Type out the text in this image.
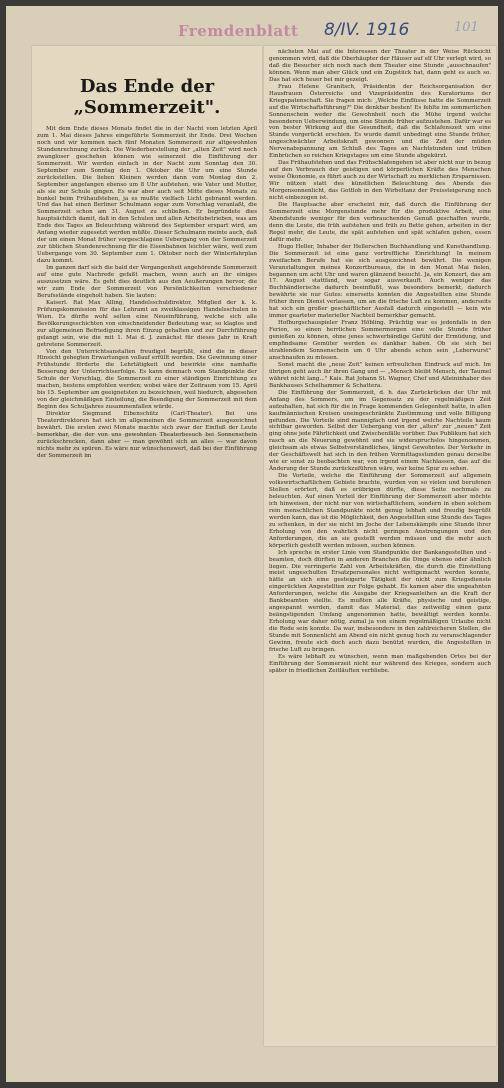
Fremdenblatt 8/IV. 1916	101
Das Ende der „Sommerzeit".

Mit dem Ende dieses Monats findet die in der Nacht vom letzten April zum 1. Mai dieses Jahres eingeführte Sommerzeit ihr Ende. Drei Wochen noch und wir kommen nach fünf Monaten Sommerzeit zur altgewohnten Stundenrechnung zurück. Die Wiederherstellung der „alten Zeit" wird noch zwangloser geschehen können wie seinerzeit die Einführung der Sommerzeit. Wir werden einfach in der Nacht zum Sonntag den 30. September zum Sonntag den 1. Oktober die Uhr um eine Stunde zurückstellen. Die lieben Kleinen werden dann vom Montag den 2. September angefangen ebenso um 8 Uhr aufstehen, wie Vater und Mutter, als sie zur Schule gingen. Es war aber auch seit Mitte dieses Monats zu bunkel beim Frühaufstehen, ja es mußte vielfach Licht gebrannt werden. Und das hat einen Berliner Schulmann sogar zum Vorschlag veranlaßt, die Sommerzeit schon am 31. August zu schließen. Er begründete dies hauptsächlich damit, daß in den Schulen und allen Arbeitsbetrieben, was am Ende des Tages an Beleuchtung während des September erspart wird, am Anfang wieder zugesetzt werden müßte. Dieser Schulmann meinte auch, daß der um einen Monat früher vorgeschlagene Uebergang von der Sommerzeit zur üblichen Stundenrechnung für die Eisenbahnen leichter wäre, weil zum Uebergange vom 30. September zum 1. Oktober noch der Winterfahrplan dazu kommt.

Im ganzen darf sich die bald der Vergangenheit angehörende Sommerzeit auf eine gute Nachrede gefaßt machen, wenn auch an ihr einiges auszusetzen wäre. Es geht dies deutlich aus den Aeußerungen hervor, die wir zum Ende der Sommerzeit von Persönlichkeiten verschiedener Berufsstände eingeholt haben. Sie lauten:

Kaiserl. Rat Max Alling, Handelsschuldirektor, Mitglied der k. k. Prüfungskommission für das Lehramt an zweiklassigen Handelsschulen in Wien. Es dürfte wohl selten eine Neueinführung, welche sich alle Bevölkerungsschichten von einschneidender Bedeutung war, so klaglos und zur allgemeinen Befriedigung ihren Einzug gehalten und zur Durchführung gelangt sein, wie die mit 1. Mai d. J. zunächst für dieses Jahr in Kraft getretene Sommerzeit.

Von den Unterrichtsanstalten freudigst begrüßt, sind die in dieser Hinsicht gehegten Erwartungen vollauf erfüllt worden. Die Gewinnung einer Frühstunde förderte die Lehrtätigkeit und bewirkte eine namhafte Besserung der Unterrichtserfolge. Es kann demnach vom Standpunkte der Schule der Vorschlag, die Sommerzeit zu einer ständigen Einrichtung zu machen, bestens empfohlen werden; wobei wäre der Zeitraum vom 15. April bis 15. September am geeignetsten zu bezeichnen, weil hiedurch, abgesehen von der gleichmäßigen Einteilung, die Beendigung der Sommerzeit mit dem Beginn des Schuljahres zusammenfallen würde.

Direktor Siegmund Eibenschütz (Carl-Theater). Bei uns Theaterdirektoren hat sich im allgemeinen die Sommerzeit ausgezeichnet bewährt. Die ersten zwei Monate machte sich zwar der Einfluß der Leute bemerkbar, die der von uns gewohnten Theaterbesuch bei Sonnenschein zurückschrecken, dann aber — man gewöhnt sich an alles — war davon nichts mehr zu spüren. Es wäre nur wünschenswert, daß bei der Einführung der Sommerzeit im

nächsten Mai auf die Interessen der Theater in der Weise Rücksicht genommen wird, daß die Oberhäupter der Häuser auf elf Uhr verlegt wird, so daß die Besucher sich noch nach dem Theater eine Stunde „ausschnaufen" können. Wenn man aber Glück und ein Zugstück hat, dann geht es auch so. Das hat sich heuer bei mir gezeigt.

Frau Helene Granitsch, Präsidentin der Reichsorganisation der Hausfrauen Österreichs und Vizepräsidentin des Kuratoriums der Kriegspatenschaft. Sie fragen mich: „Welche Einflüsse hatte die Sommerzeit auf die Wirtschaftsführung?" Die denkbar besten! Es fehlte im sommerlichen Sonnenschein weder die Gewohnheit noch die Mühe irgend welche besonderen Ueberwindung, um eine Stunde früher aufzustehen. Dafür war es von bester Wirkung auf die Gesundheit, daß die Schlafenszeit um eine Stunde vorgerückt erschien. Es wurde damit unbedingt eine Stunde früher, ungeschwächter Arbeitskraft gewonnen und die Zeit der müden Nervenabspannung am Schluß des Tages an Nachtstunden und trüben Einbrüchen so reichen Kriegstages um eine Stunde abgekürzt.

Das Frühaufstehen und das Frühschlafengehen ist aber nicht nur in bezug auf den Verbrauch der geistigen und körperlichen Kräfte des Menschen weise Ökonomie, es führt auch zu der Wirtschaft zu merklichen Ersparnissen. Wir nützen statt des künstlichen Beleuchtung des Abends das Morgensonnenlicht, das Gottlob in den Wirbeltanz der Preissteigerung noch nicht einbezogen ist.

Die Hauptsache aber erscheint mir, daß durch die Einführung der Sommerzeit eine Morgenstunde mehr für die produktive Arbeit, eine Abendstunde weniger für den verbrauchenden Genuß geschaffen wurde, denn die Leute, die früh aufstehen und früh zu Bette gehen, arbeiten in der Regel mehr, die Leute, die spät aufstehen und spät schlafen gehen, essen dafür mehr.

Hugo Heller, Inhaber der Hellerschen Buchhandlung und Kunsthandlung. Die Sommerzeit ist eine ganz vortreffliche Einrichtung! In meinem zweifachen Berufe hat sie sich ausgezeichnet bewährt. Die wenigen Veranstaltungen meines Konzertbureaus, die in den Monat Mai fielen, begannen um acht Uhr und waren glänzend besucht. Ja, ein Konzert, das am 17. August stattfand, war sogar ausverkauft. Auch weniger das Buchhändlerische dadurch beeinflußt, was besonders bemerkt, dadurch bewährte sie nur Gutes: einerseits konnten die Angestellten eine Stunde früher ihren Dienst verlassen, um an die frische Luft zu kommen, anderseits hat sich ein großer geschäftlicher Ausfall dadurch eingestellt — kein wie immer gearteter materieller Nachteil bemerkbar gemacht.

Hofburgschauspieler Franz Höbling. Prächtig war es jedenfalls in den Ferien, so einen herrlichen Sommermorgen eine volle Stunde früher genießen zu können, ohne jenes schwerbändige Gefühl der Ermüdung, und empfindsame Gemüter werden es dankbar haben. Ob sie sich bei strahlendem Sonnenschein um 6 Uhr abends schon sein „Leberwurst" anschnaufen zu müssen.

Sonst macht die „neue Zeit" keinen erfreulichen Eindruck auf mich. Im übrigen geht auch ihr ihren Gang und — „Mensch bleibt Mensch, der Taumel währet nicht lang..." Kais. Rat Johann St. Wagner, Chef und Alleininhaber des Bankhauses Schelhammer & Schattera.

Die Einführung der Sommerzeit, d. h. das Zurückrücken der Uhr mit Anfang des Sommers, um im Gegensatz zu der regelmäßigen Zeit aufzuhalten, hat sich für die in Frage kommenden Gelegenheit hatte, in allen kaufmännischen Kreisen uneingeschränkte Zustimmung und volle Billigung gefunden. Die Vorteile sind mannigfach und irgend welche Nachteile kaum sichtbar geworden. Selbst der Uebergang von der „alten" zur „neuen" Zeit ging ohne jede Fährlichkeit und Zwischenfälle vorüber. Das Publikum hat sich rasch an die Neuerung gewöhnt und sie widerspruchslos hingenommen, gleichsam als etwas Selbstverständliches, längst Gewohntes. Der Verkehr in der Geschäftswelt hat sich in den frühen Vormittagsstunden genau derselbe wie er sonst zu beobachten war, von irgend einem Nachlassen, das auf die Änderung der Stunde zurückzuführen wäre, war keine Spur zu sehen.

Die Vorteile, welche die Einführung der Sommerzeit auf allgemein volkswirtschaftlichem Gebiete brachte, wurden von so vielen und berufenen Stellen erörtert, daß es erübrigen dürfte, diese Seite nochmals zu beleuchten. Auf einen Vorteil der Einführung der Sommerzeit aber möchte ich hinweisen, der nicht nur von wirtschaftlichem, sondern in eben solchem rein menschlichen Standpunkte nicht genug lebhaft und freudig begrüßt werden kann, das ist die Möglichkeit, den Angestellten eine Stunde des Tages zu schenken, in der sie nicht im Joche der Lebenskämpfe eine Stunde ihrer Erholung von den wahrlich nicht geringen Anstrengungen und den Anforderungen, die an sie gestellt werden müssen und die mehr auch körperlich gestellt werden müssen, suchen können.

Ich spreche in erster Linie vom Standpunkte der Bankangestellten und -beamten, doch dürften in anderen Branchen die Dinge ebenso oder ähnlich liegen. Die verringerte Zahl von Arbeitskräften, die durch die Einstellung meist ungeschulten Ersatzpersonales nicht wettgemacht werden konnte, hätte an sich eine gesteigerte Tätigkeit der nicht zum Kriegsdienste eingerückten Angestellten zur Folge gehabt. Es kamen aber die ungeahnten Anforderungen, welche die Ausgabe der Kriegsanleihen an die Kraft der Bankbeamten stellte. Es mußten alle Kräfte, physische und geistige, angespannt werden, damit das Material, das zeitweilig einen ganz beängstigenden Umfang angenommen hatte, bewältigt werden konnte. Erholung war daher nötig, zumal ja von einem regelmäßigen Urlaube nicht die Rede sein konnte. Da war, insbesondere in den zahlreicheren Stellen, die Stunde mit Sonnenlicht am Abend ein nicht genug hoch zu veranschlagender Gewinn, freute sich doch auch dazu benützt wurden, die Angestellten in frische Luft zu bringen.

Es wäre lebhaft zu wünschen, wenn man maßgebenden Ortes bei der Einführung der Sommerzeit nicht nur während des Krieges, sondern auch später in friedlichen Zeitläuften verbliebe.
